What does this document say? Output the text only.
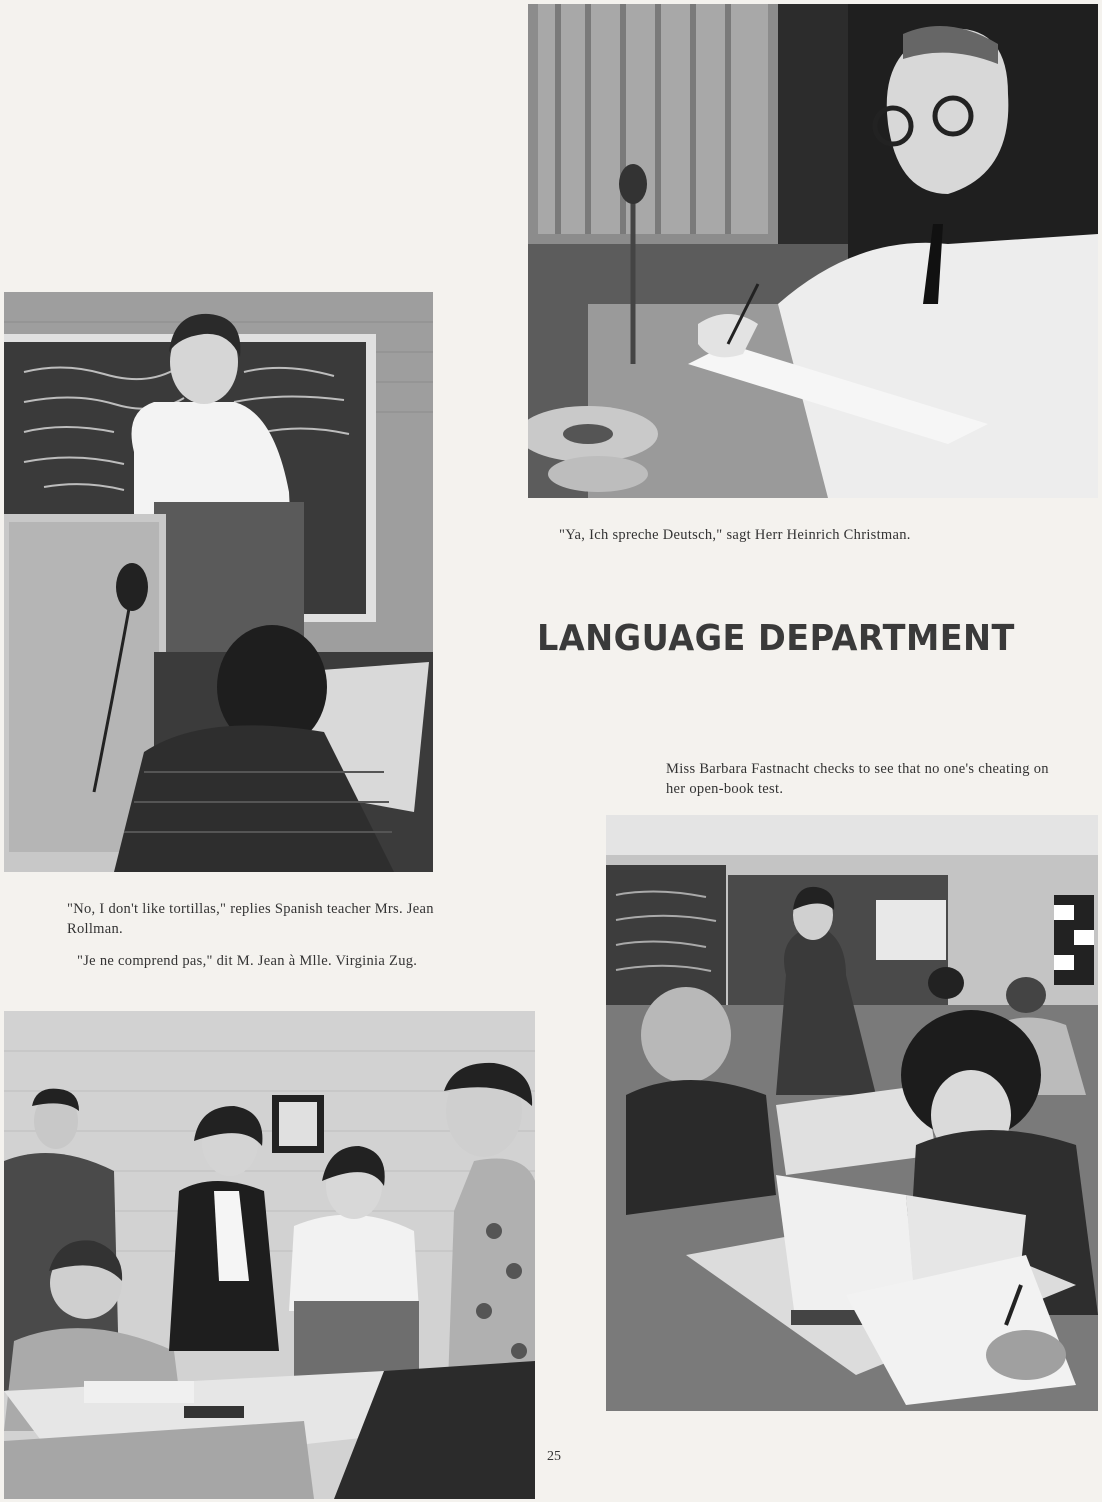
"Ya, Ich spreche Deutsch," sagt Herr Heinrich Christman.
LANGUAGE DEPARTMENT
Miss Barbara Fastnacht checks to see that no one's cheating on her open-book test.
"No, I don't like tortillas," replies Spanish teacher Mrs. Jean Rollman.
"Je ne comprend pas," dit M. Jean à Mlle. Virginia Zug.
25
